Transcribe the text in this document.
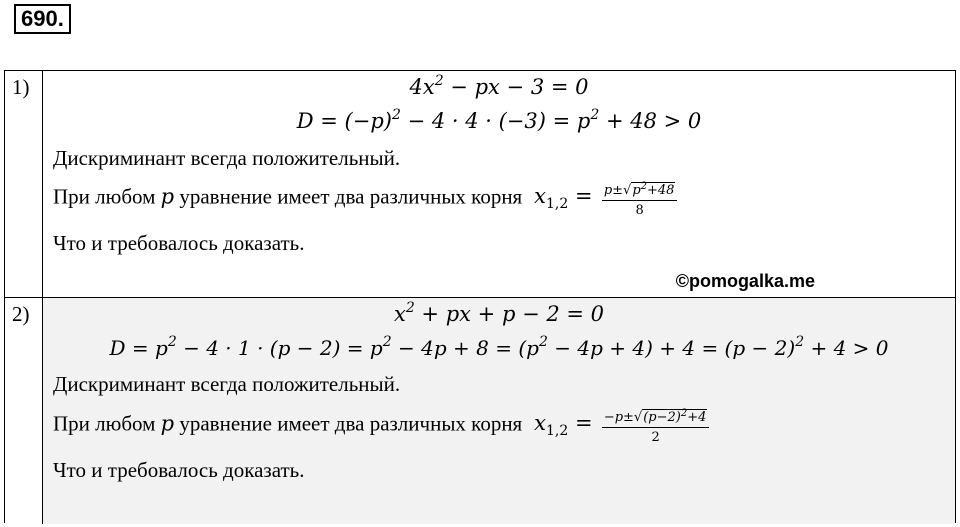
690.
1)	$4x^2$ − px − 3 = 0
$D = (-p)^2 - 4 \cdot 4 \cdot (-3) = p^2 + 48 > 0$
Дискриминант всегда положительный.
При любом p уравнение имеет два различных корня  $x_{1,2} = \frac{p\pm√p^2+48}{8}$
Что и требовалось доказать.
©pomogalka.me
2)	$x^2$ + px + p − 2 = 0
$D = p^2 - 4 \cdot 1 \cdot (p - 2) = p^2 - 4p + 8 = (p^2 - 4p + 4) + 4 = (p - 2)^2 + 4 > 0$
Дискриминант всегда положительный.
При любом p уравнение имеет два различных корня  $x_{1,2} = \frac{-p\pm√(p-2)^2+4}{2}$
Что и требовалось доказать.
